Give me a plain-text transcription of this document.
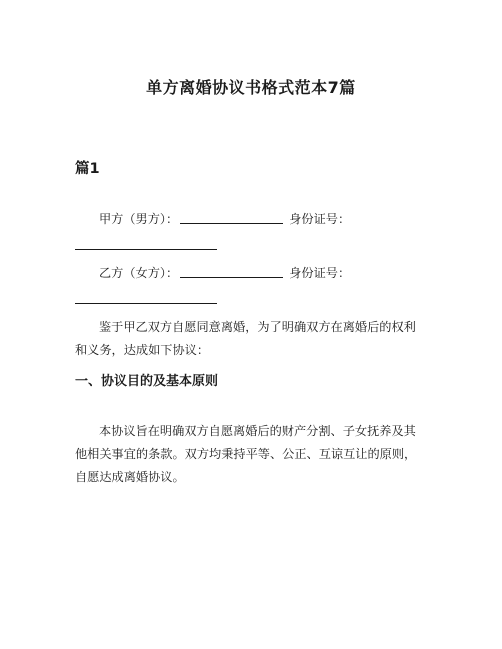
单方离婚协议书格式范本7篇
篇1
甲方（男方）：	身份证号：
乙方（女方）：	身份证号：
鉴于甲乙双方自愿同意离婚，为了明确双方在离婚后的权利和义务，达成如下协议：
一、协议目的及基本原则
本协议旨在明确双方自愿离婚后的财产分割、子女抚养及其他相关事宜的条款。双方均秉持平等、公正、互谅互让的原则，自愿达成离婚协议。
